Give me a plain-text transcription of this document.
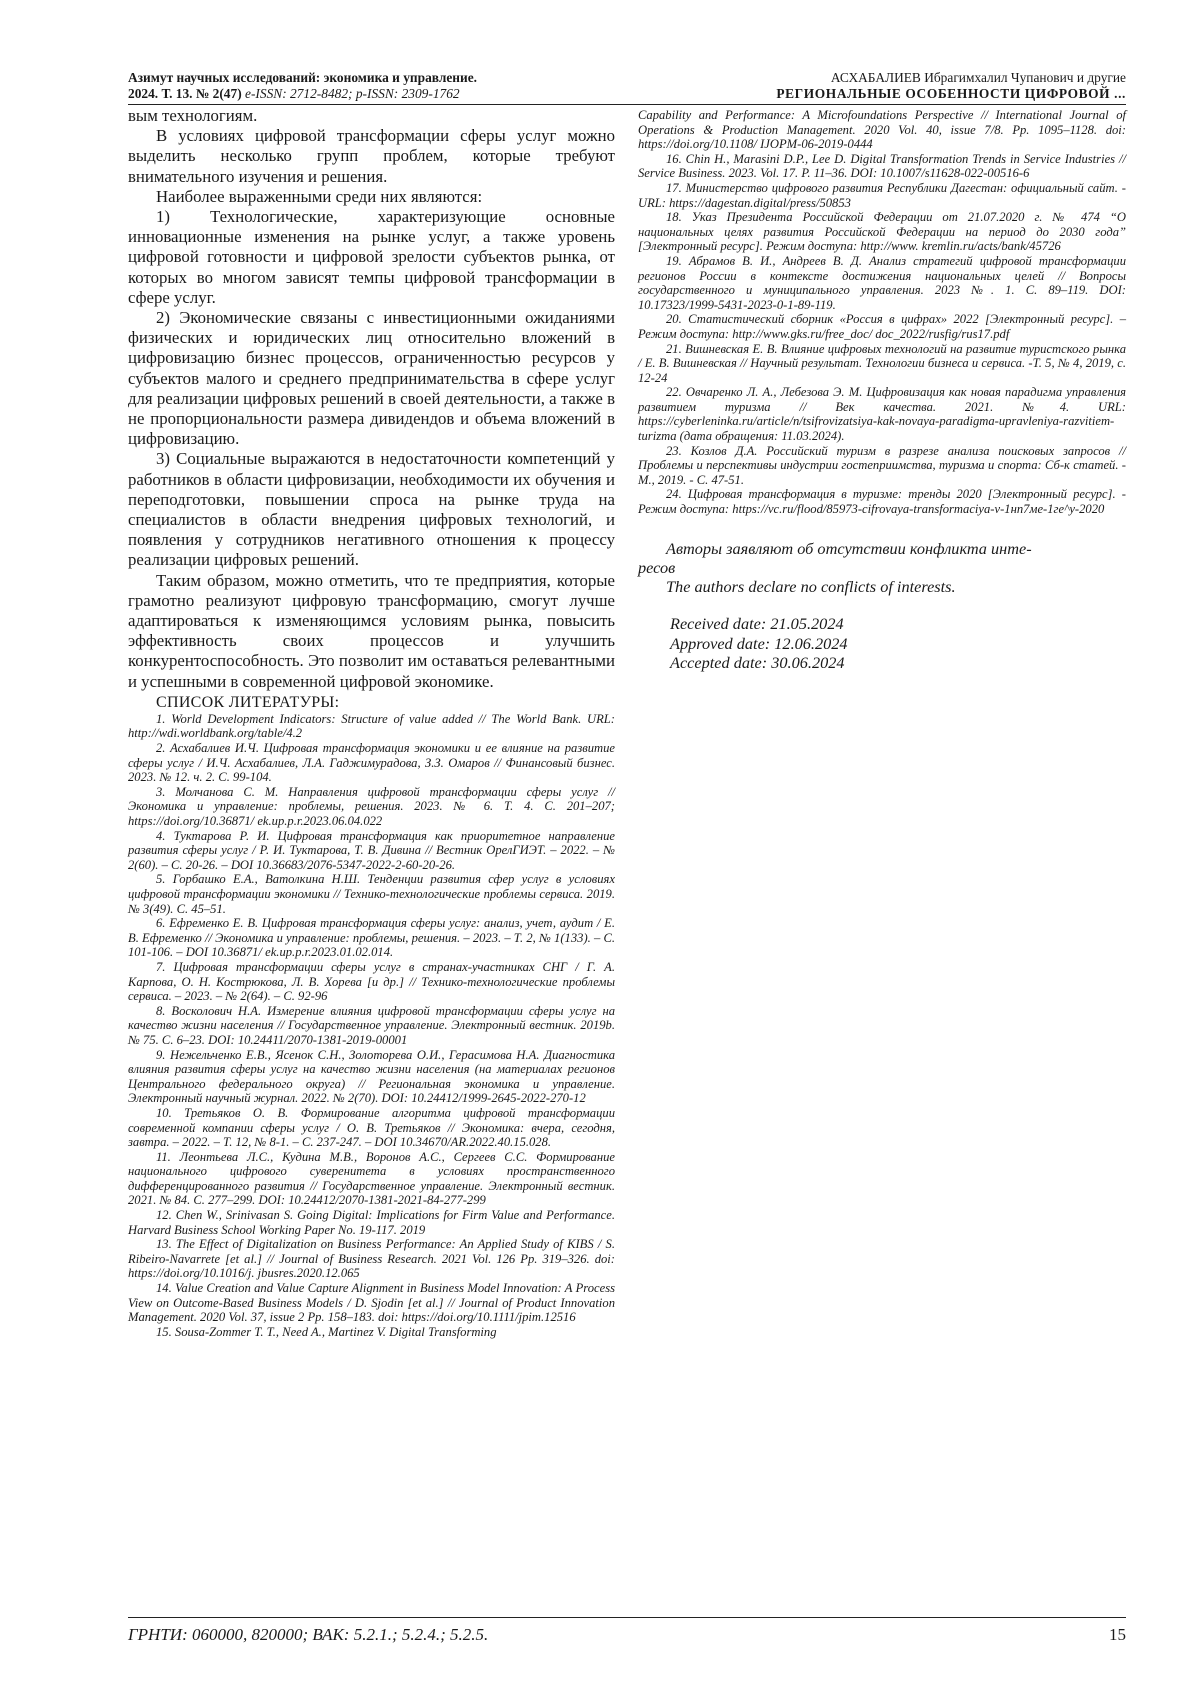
Азимут научных исследований: экономика и управление.
2024. Т. 13. № 2(47) e-ISSN: 2712-8482; p-ISSN: 2309-1762
АСХАБАЛИЕВ Ибрагимхалил Чупанович и другие
РЕГИОНАЛЬНЫЕ ОСОБЕННОСТИ ЦИФРОВОЙ ...

вым технологиям.

В условиях цифровой трансформации сферы услуг можно выделить несколько групп проблем, которые требуют внимательного изучения и решения.

Наиболее выраженными среди них являются:

1) Технологические, характеризующие основные инновационные изменения на рынке услуг, а также уровень цифровой готовности и цифровой зрелости субъектов рынка, от которых во многом зависят темпы цифровой трансформации в сфере услуг.

2) Экономические связаны с инвестиционными ожиданиями физических и юридических лиц относительно вложений в цифровизацию бизнес процессов, ограниченностью ресурсов у субъектов малого и среднего предпринимательства в сфере услуг для реализации цифровых решений в своей деятельности, а также в не пропорциональности размера дивидендов и объема вложений в цифровизацию.

3) Социальные выражаются в недостаточности компетенций у работников в области цифровизации, необходимости их обучения и переподготовки, повышении спроса на рынке труда на специалистов в области внедрения цифровых технологий, и появления у сотрудников негативного отношения к процессу реализации цифровых решений.

Таким образом, можно отметить, что те предприятия, которые грамотно реализуют цифровую трансформацию, смогут лучше адаптироваться к изменяющимся условиям рынка, повысить эффективность своих процессов и улучшить конкурентоспособность. Это позволит им оставаться релевантными и успешными в современной цифровой экономике.

СПИСОК ЛИТЕРАТУРЫ:

1. World Development Indicators: Structure of value added // The World Bank. URL: http://wdi.worldbank.org/table/4.2

2. Асхабалиев И.Ч. Цифровая трансформация экономики и ее влияние на развитие сферы услуг / И.Ч. Асхабалиев, Л.А. Гаджимурадова, З.З. Омаров // Финансовый бизнес. 2023. № 12. ч. 2. С. 99-104.

3. Молчанова С. М. Направления цифровой трансформации сферы услуг // Экономика и управление: проблемы, решения. 2023. № 6. Т. 4. С. 201–207; https://doi.org/10.36871/ ek.up.p.r.2023.06.04.022

4. Туктарова Р. И. Цифровая трансформация как приоритетное направление развития сферы услуг / Р. И. Туктарова, Т. В. Дивина // Вестник ОрелГИЭТ. – 2022. – № 2(60). – С. 20-26. – DOI 10.36683/2076-5347-2022-2-60-20-26.

5. Горбашко Е.А., Ватолкина Н.Ш. Тенденции развития сфер услуг в условиях цифровой трансформации экономики // Технико-технологические проблемы сервиса. 2019. № 3(49). С. 45–51.

6. Ефременко Е. В. Цифровая трансформация сферы услуг: анализ, учет, аудит / Е. В. Ефременко // Экономика и управление: проблемы, решения. – 2023. – Т. 2, № 1(133). – С. 101-106. – DOI 10.36871/ ek.up.p.r.2023.01.02.014.

7. Цифровая трансформации сферы услуг в странах-участниках СНГ / Г. А. Карпова, О. Н. Кострюкова, Л. В. Хорева [и др.] // Технико-технологические проблемы сервиса. – 2023. – № 2(64). – С. 92-96

8. Восколович Н.А. Измерение влияния цифровой трансформации сферы услуг на качество жизни населения // Государственное управление. Электронный вестник. 2019b. № 75. С. 6–23. DOI: 10.24411/2070-1381-2019-00001

9. Нежельченко Е.В., Ясенок С.Н., Золоторева О.И., Герасимова Н.А. Диагностика влияния развития сферы услуг на качество жизни населения (на материалах регионов Центрального федерального округа) // Региональная экономика и управление. Электронный научный журнал. 2022. № 2(70). DOI: 10.24412/1999-2645-2022-270-12

10. Третьяков О. В. Формирование алгоритма цифровой трансформации современной компании сферы услуг / О. В. Третьяков // Экономика: вчера, сегодня, завтра. – 2022. – Т. 12, № 8-1. – С. 237-247. – DOI 10.34670/AR.2022.40.15.028.

11. Леонтьева Л.С., Кудина М.В., Воронов А.С., Сергеев С.С. Формирование национального цифрового суверенитета в условиях пространственного дифференцированного развития // Государственное управление. Электронный вестник. 2021. № 84. С. 277–299. DOI: 10.24412/2070-1381-2021-84-277-299

12. Chen W., Srinivasan S. Going Digital: Implications for Firm Value and Performance. Harvard Business School Working Paper No. 19-117. 2019

13. The Effect of Digitalization on Business Performance: An Applied Study of KIBS / S. Ribeiro-Navarrete [et al.] // Journal of Business Research. 2021 Vol. 126 Pp. 319–326. doi: https://doi.org/10.1016/j. jbusres.2020.12.065

14. Value Creation and Value Capture Alignment in Business Model Innovation: A Process View on Outcome-Based Business Models / D. Sjodin [et al.] // Journal of Product Innovation Management. 2020 Vol. 37, issue 2 Pp. 158–183. doi: https://doi.org/10.1111/jpim.12516

15. Sousa-Zommer T. T., Need A., Martinez V. Digital Transforming

Capability and Performance: A Microfoundations Perspective // International Journal of Operations & Production Management. 2020 Vol. 40, issue 7/8. Pp. 1095–1128. doi: https://doi.org/10.1108/ IJOPM-06-2019-0444

16. Chin H., Marasini D.P., Lee D. Digital Transformation Trends in Service Industries // Service Business. 2023. Vol. 17. P. 11–36. DOI: 10.1007/s11628-022-00516-6

17. Министерство цифрового развития Республики Дагестан: официальный сайт. - URL: https://dagestan.digital/press/50853

18. Указ Президента Российской Федерации от 21.07.2020 г. № 474 “О национальных целях развития Российской Федерации на период до 2030 года” [Электронный ресурс]. Режим доступа: http://www. kremlin.ru/acts/bank/45726

19. Абрамов В. И., Андреев В. Д. Анализ стратегий цифровой трансформации регионов России в контексте достижения национальных целей // Вопросы государственного и муниципального управления. 2023 №. 1. С. 89–119. DOI: 10.17323/1999-5431-2023-0-1-89-119.

20. Статистический сборник «Россия в цифрах» 2022 [Электронный ресурс]. – Режим доступа: http://www.gks.ru/free_doc/ doc_2022/rusfig/rus17.pdf

21. Вишневская Е. В. Влияние цифровых технологий на развитие туристского рынка / Е. В. Вишневская // Научный результат. Технологии бизнеса и сервиса. -Т. 5, № 4, 2019, с. 12-24

22. Овчаренко Л. А., Лебезова Э. М. Цифровизация как новая парадигма управления развитием туризма // Век качества. 2021. №4. URL: https://cyberleninka.ru/article/n/tsifrovizatsiya-kak-novaya-paradigma-upravleniya-razvitiem-turizma (дата обращения: 11.03.2024).

23. Козлов Д.А. Российский туризм в разрезе анализа поисковых запросов // Проблемы и перспективы индустрии гостеприимства, туризма и спорта: Сб-к статей. - М., 2019. - С. 47-51.

24. Цифровая трансформация в туризме: тренды 2020 [Электронный ресурс]. - Режим доступа: https://vc.ru/flood/85973-cifrovaya-transformaciya-v-1нп7ме-1ге^у-2020

Авторы заявляют об отсутствии конфликта инте-

ресов

The authors declare no conflicts of interests.

Received date: 21.05.2024

Approved date: 12.06.2024

Accepted date: 30.06.2024

ГРНТИ: 060000, 820000; ВАК: 5.2.1.; 5.2.4.; 5.2.5.	15
